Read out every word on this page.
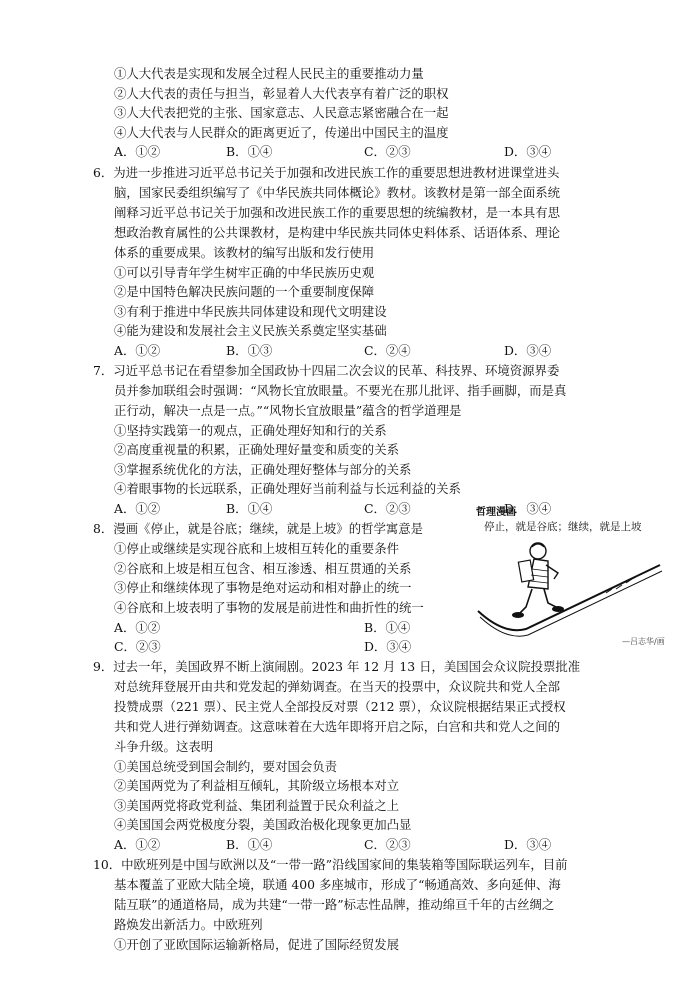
①人大代表是实现和发展全过程人民民主的重要推动力量
②人大代表的责任与担当，彰显着人大代表享有着广泛的职权
③人大代表把党的主张、国家意志、人民意志紧密融合在一起
④人大代表与人民群众的距离更近了，传递出中国民主的温度
A．①②	B．①④	C．②③	D．③④
6．为进一步推进习近平总书记关于加强和改进民族工作的重要思想进教材进课堂进头
脑，国家民委组织编写了《中华民族共同体概论》教材。该教材是第一部全面系统
阐释习近平总书记关于加强和改进民族工作的重要思想的统编教材，是一本具有思
想政治教育属性的公共课教材，是构建中华民族共同体史料体系、话语体系、理论
体系的重要成果。该教材的编写出版和发行使用
①可以引导青年学生树牢正确的中华民族历史观
②是中国特色解决民族问题的一个重要制度保障
③有利于推进中华民族共同体建设和现代文明建设
④能为建设和发展社会主义民族关系奠定坚实基础
A．①②	B．①③	C．②④	D．③④
7．习近平总书记在看望参加全国政协十四届二次会议的民革、科技界、环境资源界委
员并参加联组会时强调：“风物长宜放眼量。不要光在那儿批评、指手画脚，而是真
正行动，解决一点是一点。”“风物长宜放眼量”蕴含的哲学道理是
①坚持实践第一的观点，正确处理好知和行的关系
②高度重视量的积累，正确处理好量变和质变的关系
③掌握系统优化的方法，正确处理好整体与部分的关系
④着眼事物的长远联系，正确处理好当前利益与长远利益的关系
A．①②	B．①④	C．②③	D．③④
8．漫画《停止，就是谷底；继续，就是上坡》的哲学寓意是
①停止或继续是实现谷底和上坡相互转化的重要条件
②谷底和上坡是相互包含、相互渗透、相互贯通的关系
③停止和继续体现了事物是绝对运动和相对静止的统一
④谷底和上坡表明了事物的发展是前进性和曲折性的统一
A．①②	B．①④
C．②③	D．③④
哲理漫画
停止，就是谷底；继续，就是上坡
—吕志华/画
9．过去一年，美国政界不断上演闹剧。2023 年 12 月 13 日，美国国会众议院投票批准
对总统拜登展开由共和党发起的弹劾调查。在当天的投票中，众议院共和党人全部
投赞成票（221 票）、民主党人全部投反对票（212 票），众议院根据结果正式授权
共和党人进行弹劾调查。这意味着在大选年即将开启之际，白宫和共和党人之间的
斗争升级。这表明
①美国总统受到国会制约，要对国会负责
②美国两党为了利益相互倾轧，其阶级立场根本对立
③美国两党将政党利益、集团利益置于民众利益之上
④美国国会两党极度分裂，美国政治极化现象更加凸显
A．①②	B．①④	C．②③	D．③④
10．中欧班列是中国与欧洲以及“一带一路”沿线国家间的集装箱等国际联运列车，目前
基本覆盖了亚欧大陆全境，联通 400 多座城市，形成了“畅通高效、多向延伸、海
陆互联”的通道格局，成为共建“一带一路”标志性品牌，推动绵亘千年的古丝绸之
路焕发出新活力。中欧班列
①开创了亚欧国际运输新格局，促进了国际经贸发展
